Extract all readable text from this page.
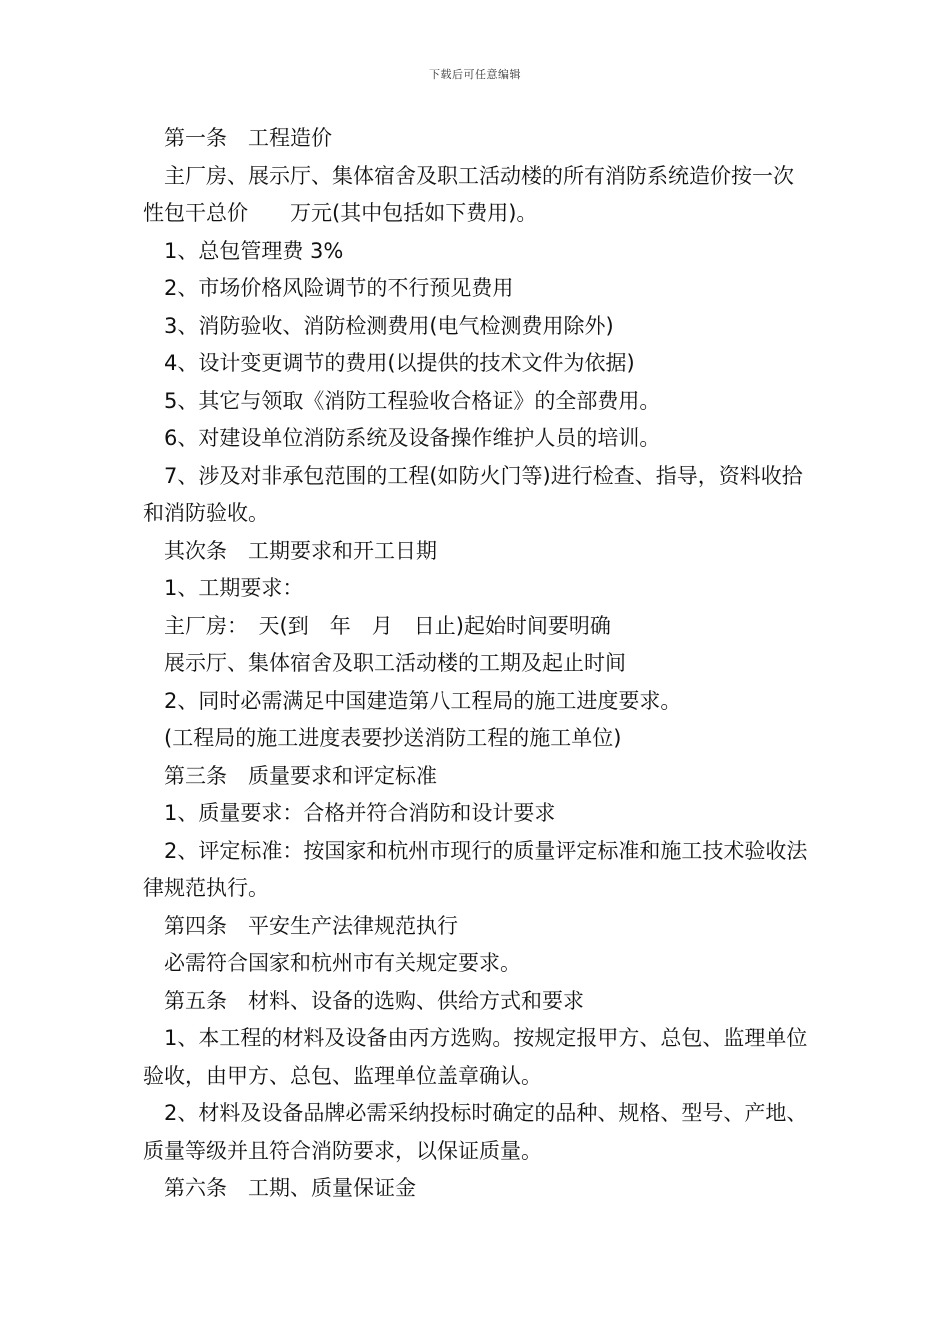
下载后可任意编辑

第一条　工程造价

主厂房、展示厅、集体宿舍及职工活动楼的所有消防系统造价按一次性包干总价　　万元(其中包括如下费用)。

1、总包管理费 3%

2、市场价格风险调节的不行预见费用

3、消防验收、消防检测费用(电气检测费用除外)

4、设计变更调节的费用(以提供的技术文件为依据)

5、其它与领取《消防工程验收合格证》的全部费用。

6、对建设单位消防系统及设备操作维护人员的培训。

7、涉及对非承包范围的工程(如防火门等)进行检查、指导，资料收拾和消防验收。

其次条　工期要求和开工日期

1、工期要求：

主厂房：　天(到　年　月　日止)起始时间要明确

展示厅、集体宿舍及职工活动楼的工期及起止时间

2、同时必需满足中国建造第八工程局的施工进度要求。

(工程局的施工进度表要抄送消防工程的施工单位)

第三条　质量要求和评定标准

1、质量要求：合格并符合消防和设计要求

2、评定标准：按国家和杭州市现行的质量评定标准和施工技术验收法律规范执行。

第四条　平安生产法律规范执行

必需符合国家和杭州市有关规定要求。

第五条　材料、设备的选购、供给方式和要求

1、本工程的材料及设备由丙方选购。按规定报甲方、总包、监理单位验收，由甲方、总包、监理单位盖章确认。

2、材料及设备品牌必需采纳投标时确定的品种、规格、型号、产地、质量等级并且符合消防要求，以保证质量。

第六条　工期、质量保证金
